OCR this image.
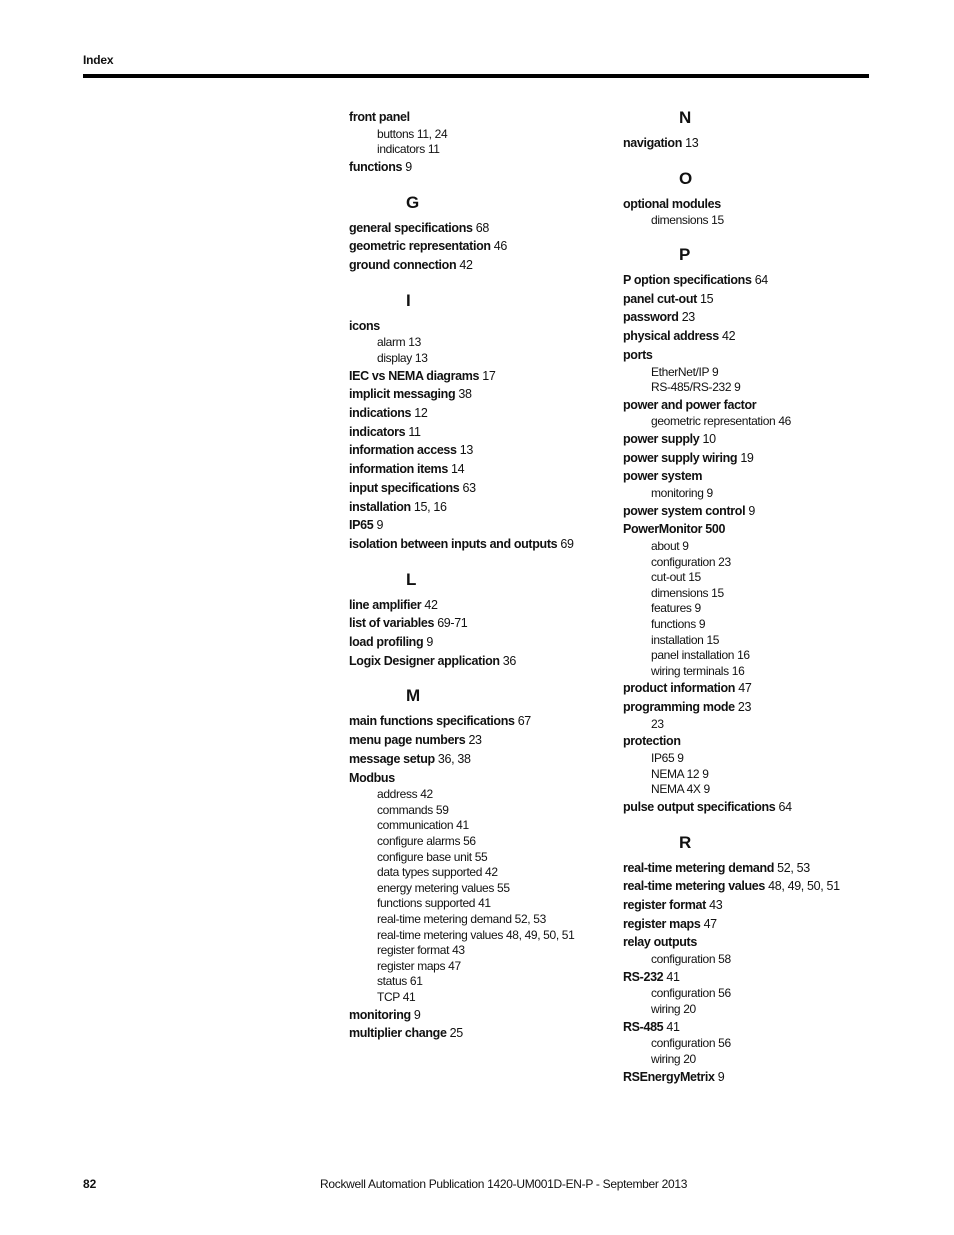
Index
front panel
buttons 11, 24
indicators 11
functions 9
G
general specifications 68
geometric representation 46
ground connection 42
I
icons
alarm 13
display 13
IEC vs NEMA diagrams 17
implicit messaging 38
indications 12
indicators 11
information access 13
information items 14
input specifications 63
installation 15, 16
IP65 9
isolation between inputs and outputs 69
L
line amplifier 42
list of variables 69-71
load profiling 9
Logix Designer application 36
M
main functions specifications 67
menu page numbers 23
message setup 36, 38
Modbus
address 42
commands 59
communication 41
configure alarms 56
configure base unit 55
data types supported 42
energy metering values 55
functions supported 41
real-time metering demand 52, 53
real-time metering values 48, 49, 50, 51
register format 43
register maps 47
status 61
TCP 41
monitoring 9
multiplier change 25
N
navigation 13
O
optional modules
dimensions 15
P
P option specifications 64
panel cut-out 15
password 23
physical address 42
ports
EtherNet/IP 9
RS-485/RS-232 9
power and power factor
geometric representation 46
power supply 10
power supply wiring 19
power system
monitoring 9
power system control 9
PowerMonitor 500
about 9
configuration 23
cut-out 15
dimensions 15
features 9
functions 9
installation 15
panel installation 16
wiring terminals 16
product information 47
programming mode 23
23
protection
IP65 9
NEMA 12 9
NEMA 4X 9
pulse output specifications 64
R
real-time metering demand 52, 53
real-time metering values 48, 49, 50, 51
register format 43
register maps 47
relay outputs
configuration 58
RS-232 41
configuration 56
wiring 20
RS-485 41
configuration 56
wiring 20
RSEnergyMetrix 9
82	Rockwell Automation Publication 1420-UM001D-EN-P - September 2013
